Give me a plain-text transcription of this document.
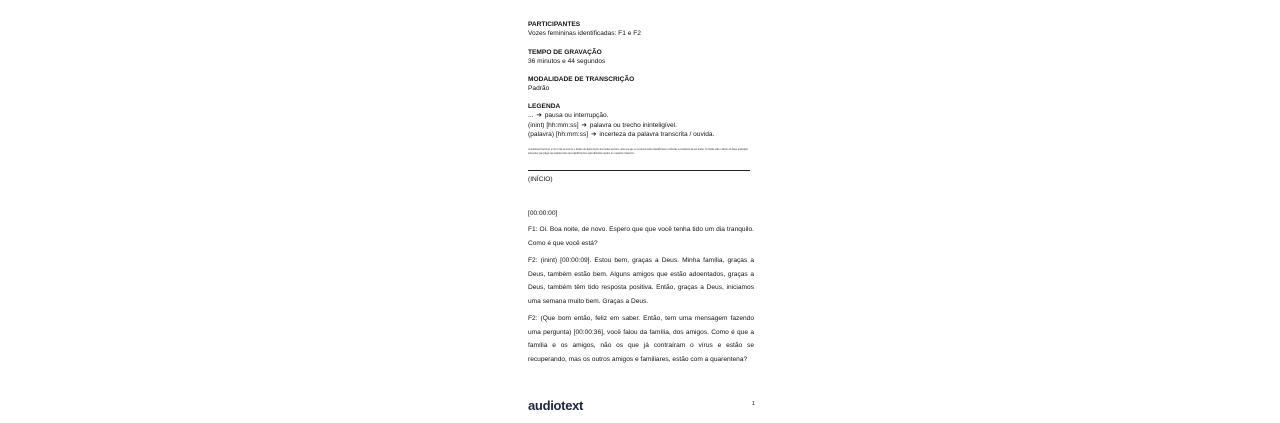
PARTICIPANTES
Vozes femininas identificadas: F1 e F2
TEMPO DE GRAVAÇÃO
36 minutos e 44 segundos
MODALIDADE DE TRANSCRIÇÃO
Padrão
LEGENDA
... ➔ pausa ou interrupção.
(inint) [hh:mm:ss] ➔ palavra ou trecho ininteligível.
(palavra) [hh:mm:ss] ➔ incerteza da palavra transcrita / ouvida.
A Audiotext Serviços e Cia. Ltda se reserva o direito de depreciação dos nomes escritos, uma vez que os locutores serão identificados conforme a pronúncia de seu nome. O cliente tem o direito de fazer quaisquer alterações que julgar necessárias tanto nas identificações aqui utilizadas quanto no conteúdo transcrito.
(INÍCIO)
[00:00:00]
F1: Oi. Boa noite, de novo. Espero que que você tenha tido um dia tranquilo. Como é que você está?
F2: (inint) [00:00:09]. Estou bem, graças a Deus. Minha família, graças a Deus, também estão bem. Alguns amigos que estão adoentados, graças a Deus, também têm tido resposta positiva. Então, graças a Deus, iniciamos uma semana muito bem. Graças a Deus.
F2: (Que bom então, feliz em saber. Então, tem uma mensagem fazendo uma pergunta) [00:00:36], você falou da família, dos amigos. Como é que a família e os amigos, não os que já contraíram o vírus e estão se recuperando, mas os outros amigos e familiares, estão com a quarentena?
audiotext	1
